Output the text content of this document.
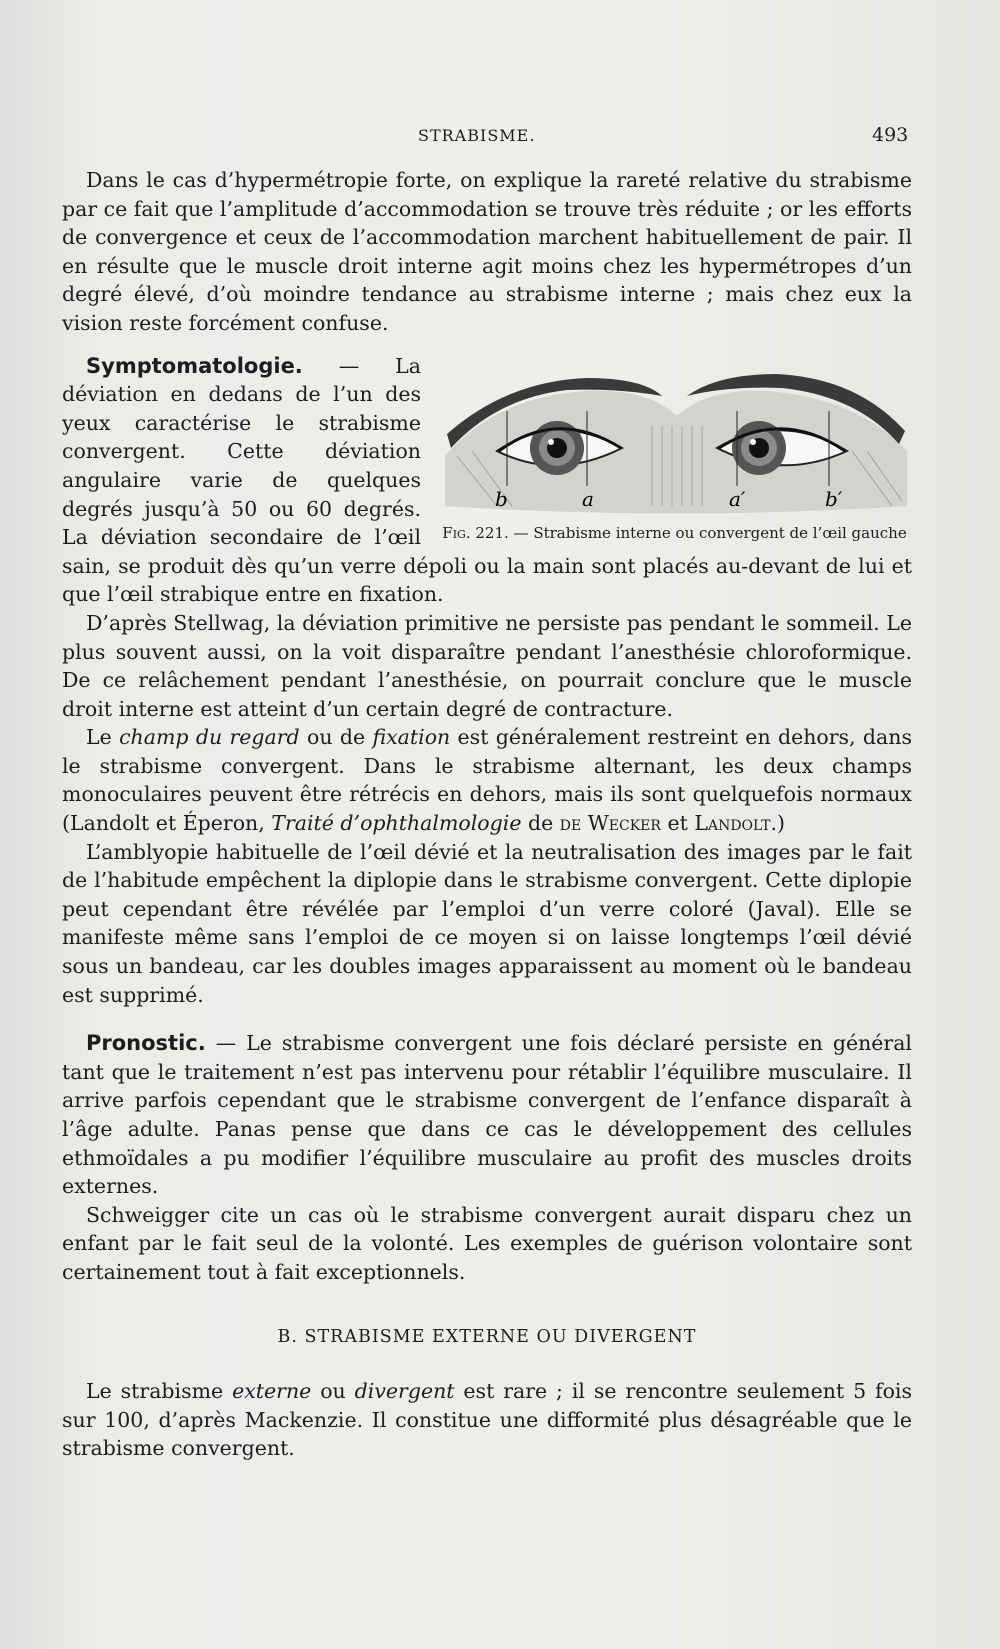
STRABISME.	493

Dans le cas d’hypermétropie forte, on explique la rareté relative du strabisme par ce fait que l’amplitude d’accommodation se trouve très réduite ; or les efforts de convergence et ceux de l’accommodation marchent habituellement de pair. Il en résulte que le muscle droit interne agit moins chez les hypermétropes d’un degré élevé, d’où moindre tendance au strabisme interne ; mais chez eux la vision reste forcément confuse.

b	a	a′	b′
Fig. 221. — Strabisme interne ou convergent de l’œil gauche

Symptomatologie. — La déviation en dedans de l’un des yeux caractérise le strabisme convergent. Cette déviation angulaire varie de quelques degrés jusqu’à 50 ou 60 degrés. La déviation secondaire de l’œil sain, se produit dès qu’un verre dépoli ou la main sont placés au-devant de lui et que l’œil strabique entre en fixation.

D’après Stellwag, la déviation primitive ne persiste pas pendant le sommeil. Le plus souvent aussi, on la voit disparaître pendant l’anesthésie chloroformique. De ce relâchement pendant l’anesthésie, on pourrait conclure que le muscle droit interne est atteint d’un certain degré de contracture.

Le champ du regard ou de fixation est généralement restreint en dehors, dans le strabisme convergent. Dans le strabisme alternant, les deux champs monoculaires peuvent être rétrécis en dehors, mais ils sont quelquefois normaux (Landolt et Éperon, Traité d’ophthalmologie de de Wecker et Landolt.)

L’amblyopie habituelle de l’œil dévié et la neutralisation des images par le fait de l’habitude empêchent la diplopie dans le strabisme convergent. Cette diplopie peut cependant être révélée par l’emploi d’un verre coloré (Javal). Elle se manifeste même sans l’emploi de ce moyen si on laisse longtemps l’œil dévié sous un bandeau, car les doubles images apparaissent au moment où le bandeau est supprimé.

Pronostic. — Le strabisme convergent une fois déclaré persiste en général tant que le traitement n’est pas intervenu pour rétablir l’équilibre musculaire. Il arrive parfois cependant que le strabisme convergent de l’enfance disparaît à l’âge adulte. Panas pense que dans ce cas le développement des cellules ethmoïdales a pu modifier l’équilibre musculaire au profit des muscles droits externes.

Schweigger cite un cas où le strabisme convergent aurait disparu chez un enfant par le fait seul de la volonté. Les exemples de guérison volontaire sont certainement tout à fait exceptionnels.

B. STRABISME EXTERNE OU DIVERGENT

Le strabisme externe ou divergent est rare ; il se rencontre seulement 5 fois sur 100, d’après Mackenzie. Il constitue une difformité plus désagréable que le strabisme convergent.
